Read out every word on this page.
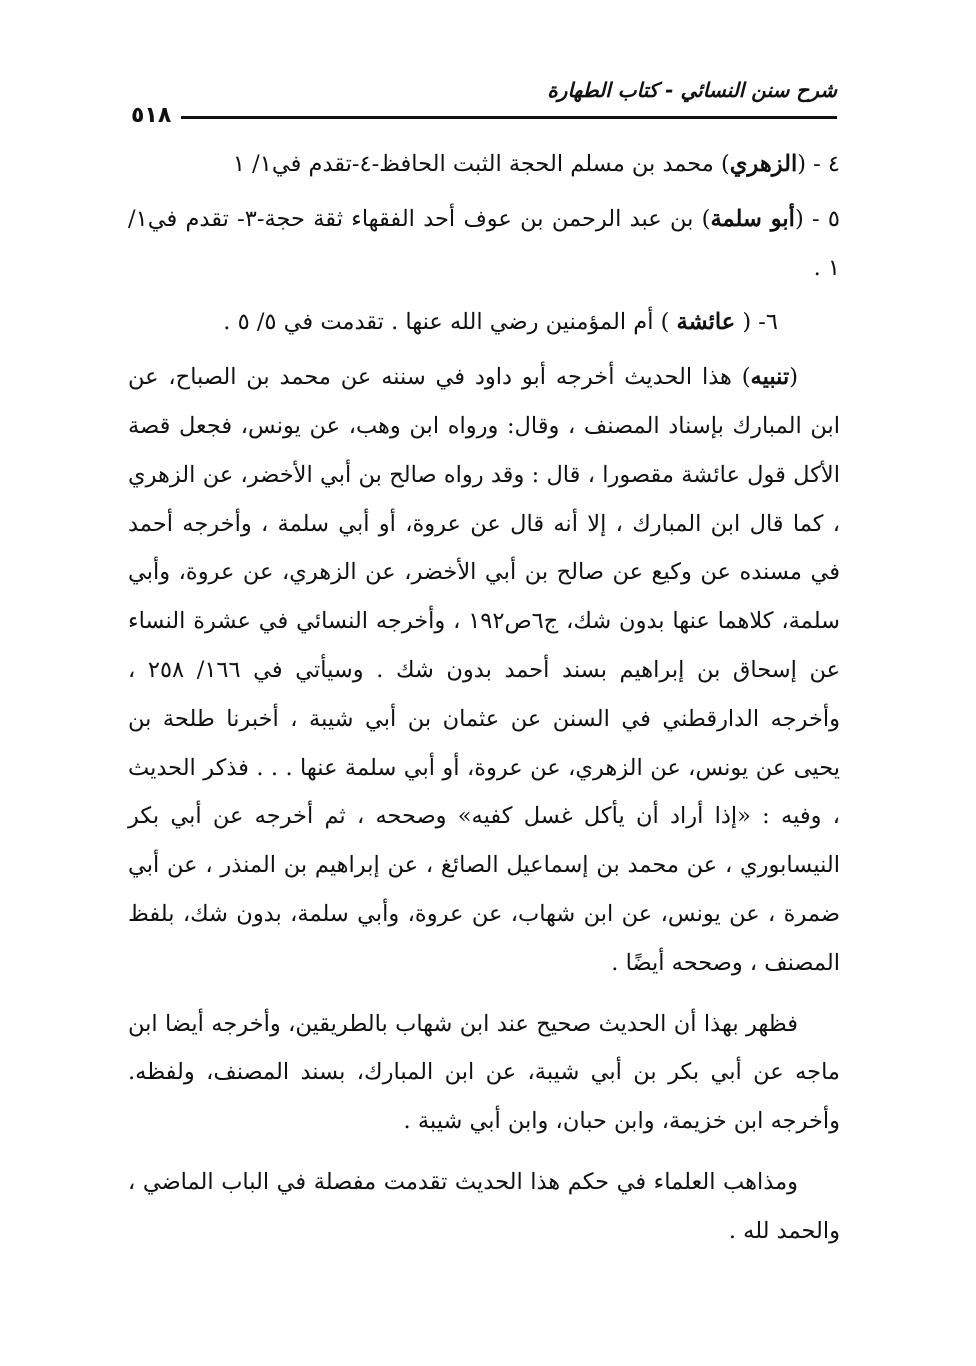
شرح سنن النسائي - كتاب الطهارة
٥١٨

٤ - (الزهري) محمد بن مسلم الحجة الثبت الحافظ-٤-تقدم في١/ ١

٥ - (أبو سلمة) بن عبد الرحمن بن عوف أحد الفقهاء ثقة حجة-٣- تقدم في١/ ١ .

٦- ( عائشة ) أم المؤمنين رضي الله عنها . تقدمت في ٥/ ٥ .

(تنبيه) هذا الحديث أخرجه أبو داود في سننه عن محمد بن الصباح، عن ابن المبارك بإسناد المصنف ، وقال: ورواه ابن وهب، عن يونس، فجعل قصة الأكل قول عائشة مقصورا ، قال : وقد رواه صالح بن أبي الأخضر، عن الزهري ، كما قال ابن المبارك ، إلا أنه قال عن عروة، أو أبي سلمة ، وأخرجه أحمد في مسنده عن وكيع عن صالح بن أبي الأخضر، عن الزهري، عن عروة، وأبي سلمة، كلاهما عنها بدون شك، ج٦ص١٩٢ ، وأخرجه النسائي في عشرة النساء عن إسحاق بن إبراهيم بسند أحمد بدون شك . وسيأتي في ١٦٦/ ٢٥٨ ، وأخرجه الدارقطني في السنن عن عثمان بن أبي شيبة ، أخبرنا طلحة بن يحيى عن يونس، عن الزهري، عن عروة، أو أبي سلمة عنها . . . فذكر الحديث ، وفيه : «إذا أراد أن يأكل غسل كفيه» وصححه ، ثم أخرجه عن أبي بكر النيسابوري ، عن محمد بن إسماعيل الصائغ ، عن إبراهيم بن المنذر ، عن أبي ضمرة ، عن يونس، عن ابن شهاب، عن عروة، وأبي سلمة، بدون شك، بلفظ المصنف ، وصححه أيضًا .

فظهر بهذا أن الحديث صحيح عند ابن شهاب بالطريقين، وأخرجه أيضا ابن ماجه عن أبي بكر بن أبي شيبة، عن ابن المبارك، بسند المصنف، ولفظه. وأخرجه ابن خزيمة، وابن حبان، وابن أبي شيبة .

ومذاهب العلماء في حكم هذا الحديث تقدمت مفصلة في الباب الماضي ، والحمد لله .
